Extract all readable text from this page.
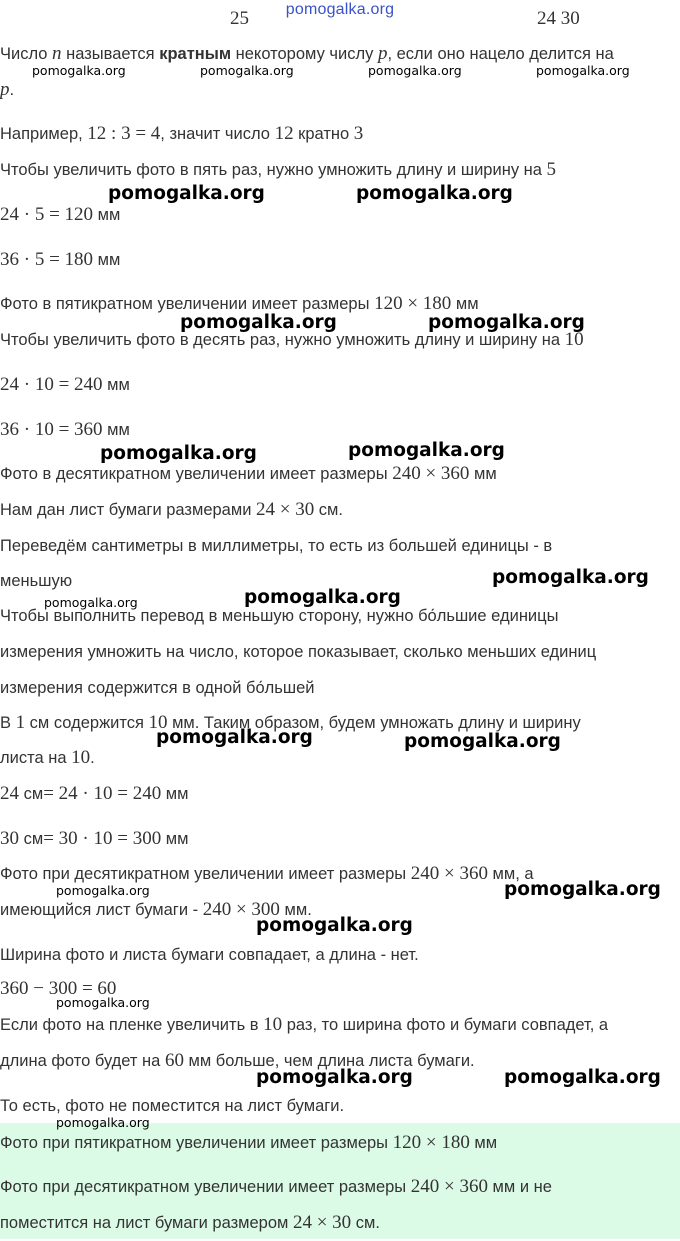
pomogalka.org
25	24 30

Число n называется кратным некоторому числу p, если оно нацело делится на

p.

Например, 12 : 3 = 4, значит число 12 кратно 3

Чтобы увеличить фото в пять раз, нужно умножить длину и ширину на 5

24 · 5 = 120 мм

36 · 5 = 180 мм

Фото в пятикратном увеличении имеет размеры 120 × 180 мм

Чтобы увеличить фото в десять раз, нужно умножить длину и ширину на 10

24 · 10 = 240 мм

36 · 10 = 360 мм

Фото в десятикратном увеличении имеет размеры 240 × 360 мм

Нам дан лист бумаги размерами 24 × 30 см.

Переведём сантиметры в миллиметры, то есть из большей единицы - в

меньшую

Чтобы выполнить перевод в меньшую сторону, нужно бо́льшие единицы

измерения умножить на число, которое показывает, сколько меньших единиц

измерения содержится в одной бо́льшей

В 1 см содержится 10 мм. Таким образом, будем умножать длину и ширину

листа на 10.

24 см= 24 · 10 = 240 мм

30 см= 30 · 10 = 300 мм

Фото при десятикратном увеличении имеет размеры 240 × 360 мм, а

имеющийся лист бумаги - 240 × 300 мм.

Ширина фото и листа бумаги совпадает, а длина - нет.

360 − 300 = 60

Если фото на пленке увеличить в 10 раз, то ширина фото и бумаги совпадет, а

длина фото будет на 60 мм больше, чем длина листа бумаги.

То есть, фото не поместится на лист бумаги.

Фото при пятикратном увеличении имеет размеры 120 × 180 мм

Фото при десятикратном увеличении имеет размеры 240 × 360 мм и не

поместится на лист бумаги размером 24 × 30 см.

pomogalka.org	pomogalka.org	pomogalka.org	pomogalka.org
pomogalka.org	pomogalka.org
pomogalka.org	pomogalka.org
pomogalka.org	pomogalka.org
pomogalka.org
pomogalka.org	pomogalka.org
pomogalka.org	pomogalka.org
pomogalka.org	pomogalka.org
pomogalka.org
pomogalka.org
pomogalka.org	pomogalka.org
pomogalka.org
